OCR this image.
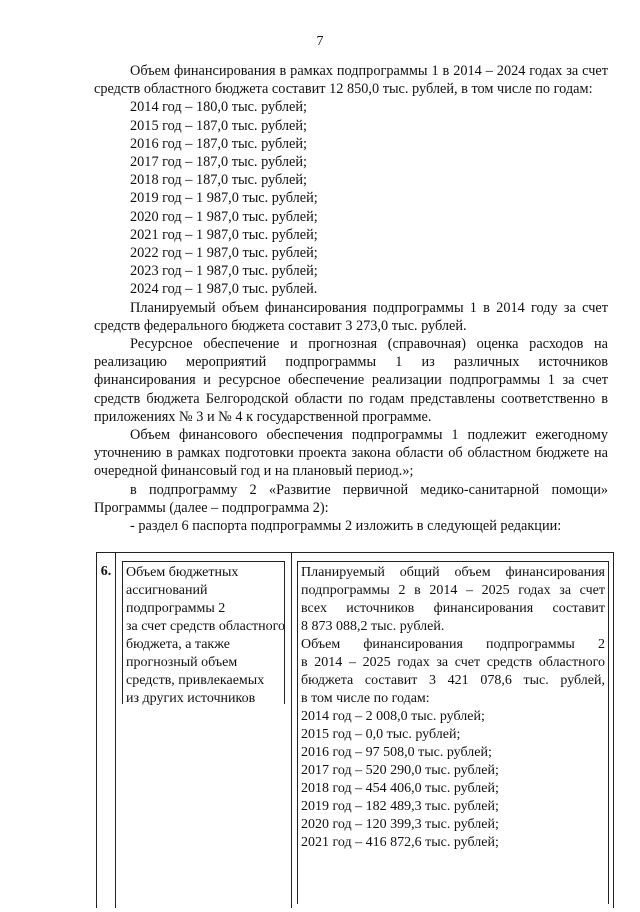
7

Объем финансирования в рамках подпрограммы 1 в 2014 – 2024 годах за счет средств областного бюджета составит 12 850,0 тыс. рублей, в том числе по годам:

2014 год – 180,0 тыс. рублей;

2015 год – 187,0 тыс. рублей;

2016 год – 187,0 тыс. рублей;

2017 год – 187,0 тыс. рублей;

2018 год – 187,0 тыс. рублей;

2019 год – 1 987,0 тыс. рублей;

2020 год – 1 987,0 тыс. рублей;

2021 год – 1 987,0 тыс. рублей;

2022 год – 1 987,0 тыс. рублей;

2023 год – 1 987,0 тыс. рублей;

2024 год – 1 987,0 тыс. рублей.

Планируемый объем финансирования подпрограммы 1 в 2014 году за счет средств федерального бюджета составит 3 273,0 тыс. рублей.

Ресурсное обеспечение и прогнозная (справочная) оценка расходов на реализацию мероприятий подпрограммы 1 из различных источников финансирования и ресурсное обеспечение реализации подпрограммы 1 за счет средств бюджета Белгородской области по годам представлены соответственно в приложениях № 3 и № 4 к государственной программе.

Объем финансового обеспечения подпрограммы 1 подлежит ежегодному уточнению в рамках подготовки проекта закона области об областном бюджете на очередной финансовый год и на плановый период.»;

в подпрограмму 2 «Развитие первичной медико-санитарной помощи» Программы (далее – подпрограмма 2):

- раздел 6 паспорта подпрограммы 2 изложить в следующей редакции:

6. Объем бюджетных
ассигнований
подпрограммы 2
за счет средств областного
бюджета, а также
прогнозный объем
средств, привлекаемых
из других источников
Планируемый общий объем финансирования
подпрограммы 2 в 2014 – 2025 годах за счет
всех источников финансирования составит
8 873 088,2 тыс. рублей.
Объем финансирования подпрограммы 2
в 2014 – 2025 годах за счет средств областного
бюджета составит 3 421 078,6 тыс. рублей,
в том числе по годам:
2014 год – 2 008,0 тыс. рублей;
2015 год – 0,0 тыс. рублей;
2016 год – 97 508,0 тыс. рублей;
2017 год – 520 290,0 тыс. рублей;
2018 год – 454 406,0 тыс. рублей;
2019 год – 182 489,3 тыс. рублей;
2020 год – 120 399,3 тыс. рублей;
2021 год – 416 872,6 тыс. рублей;
